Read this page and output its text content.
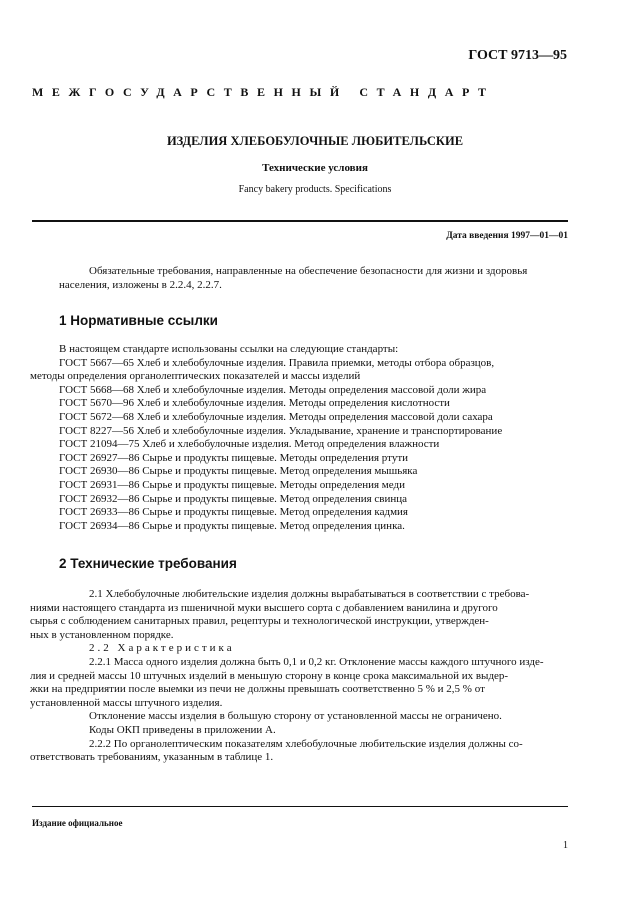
ГОСТ 9713—95
МЕЖГОСУДАРСТВЕННЫЙ СТАНДАРТ
ИЗДЕЛИЯ ХЛЕБОБУЛОЧНЫЕ ЛЮБИТЕЛЬСКИЕ
Технические условия
Fancy bakery products. Specifications
Дата введения 1997—01—01
Обязательные требования, направленные на обеспечение безопасности для жизни и здоровья
населения, изложены в 2.2.4, 2.2.7.
1 Нормативные ссылки
В настоящем стандарте использованы ссылки на следующие стандарты:
ГОСТ 5667—65 Хлеб и хлебобулочные изделия. Правила приемки, методы отбора образцов,
методы определения органолептических показателей и массы изделий
ГОСТ 5668—68 Хлеб и хлебобулочные изделия. Методы определения массовой доли жира
ГОСТ 5670—96 Хлеб и хлебобулочные изделия. Методы определения кислотности
ГОСТ 5672—68 Хлеб и хлебобулочные изделия. Методы определения массовой доли сахара
ГОСТ 8227—56 Хлеб и хлебобулочные изделия. Укладывание, хранение и транспортирование
ГОСТ 21094—75 Хлеб и хлебобулочные изделия. Метод определения влажности
ГОСТ 26927—86 Сырье и продукты пищевые. Методы определения ртути
ГОСТ 26930—86 Сырье и продукты пищевые. Метод определения мышьяка
ГОСТ 26931—86 Сырье и продукты пищевые. Методы определения меди
ГОСТ 26932—86 Сырье и продукты пищевые. Метод определения свинца
ГОСТ 26933—86 Сырье и продукты пищевые. Метод определения кадмия
ГОСТ 26934—86 Сырье и продукты пищевые. Метод определения цинка.
2 Технические требования
2.1 Хлебобулочные любительские изделия должны вырабатываться в соответствии с требова-
ниями настоящего стандарта из пшеничной муки высшего сорта с добавлением ванилина и другого
сырья с соблюдением санитарных правил, рецептуры и технологической инструкции, утвержден-
ных в установленном порядке.
2.2 Характеристика
2.2.1 Масса одного изделия должна быть 0,1 и 0,2 кг. Отклонение массы каждого штучного изде-
лия и средней массы 10 штучных изделий в меньшую сторону в конце срока максимальной их выдер-
жки на предприятии после выемки из печи не должны превышать соответственно 5 % и 2,5 % от
установленной массы штучного изделия.
Отклонение массы изделия в большую сторону от установленной массы не ограничено.
Коды ОКП приведены в приложении А.
2.2.2 По органолептическим показателям хлебобулочные любительские изделия должны со-
ответствовать требованиям, указанным в таблице 1.
Издание официальное
1
